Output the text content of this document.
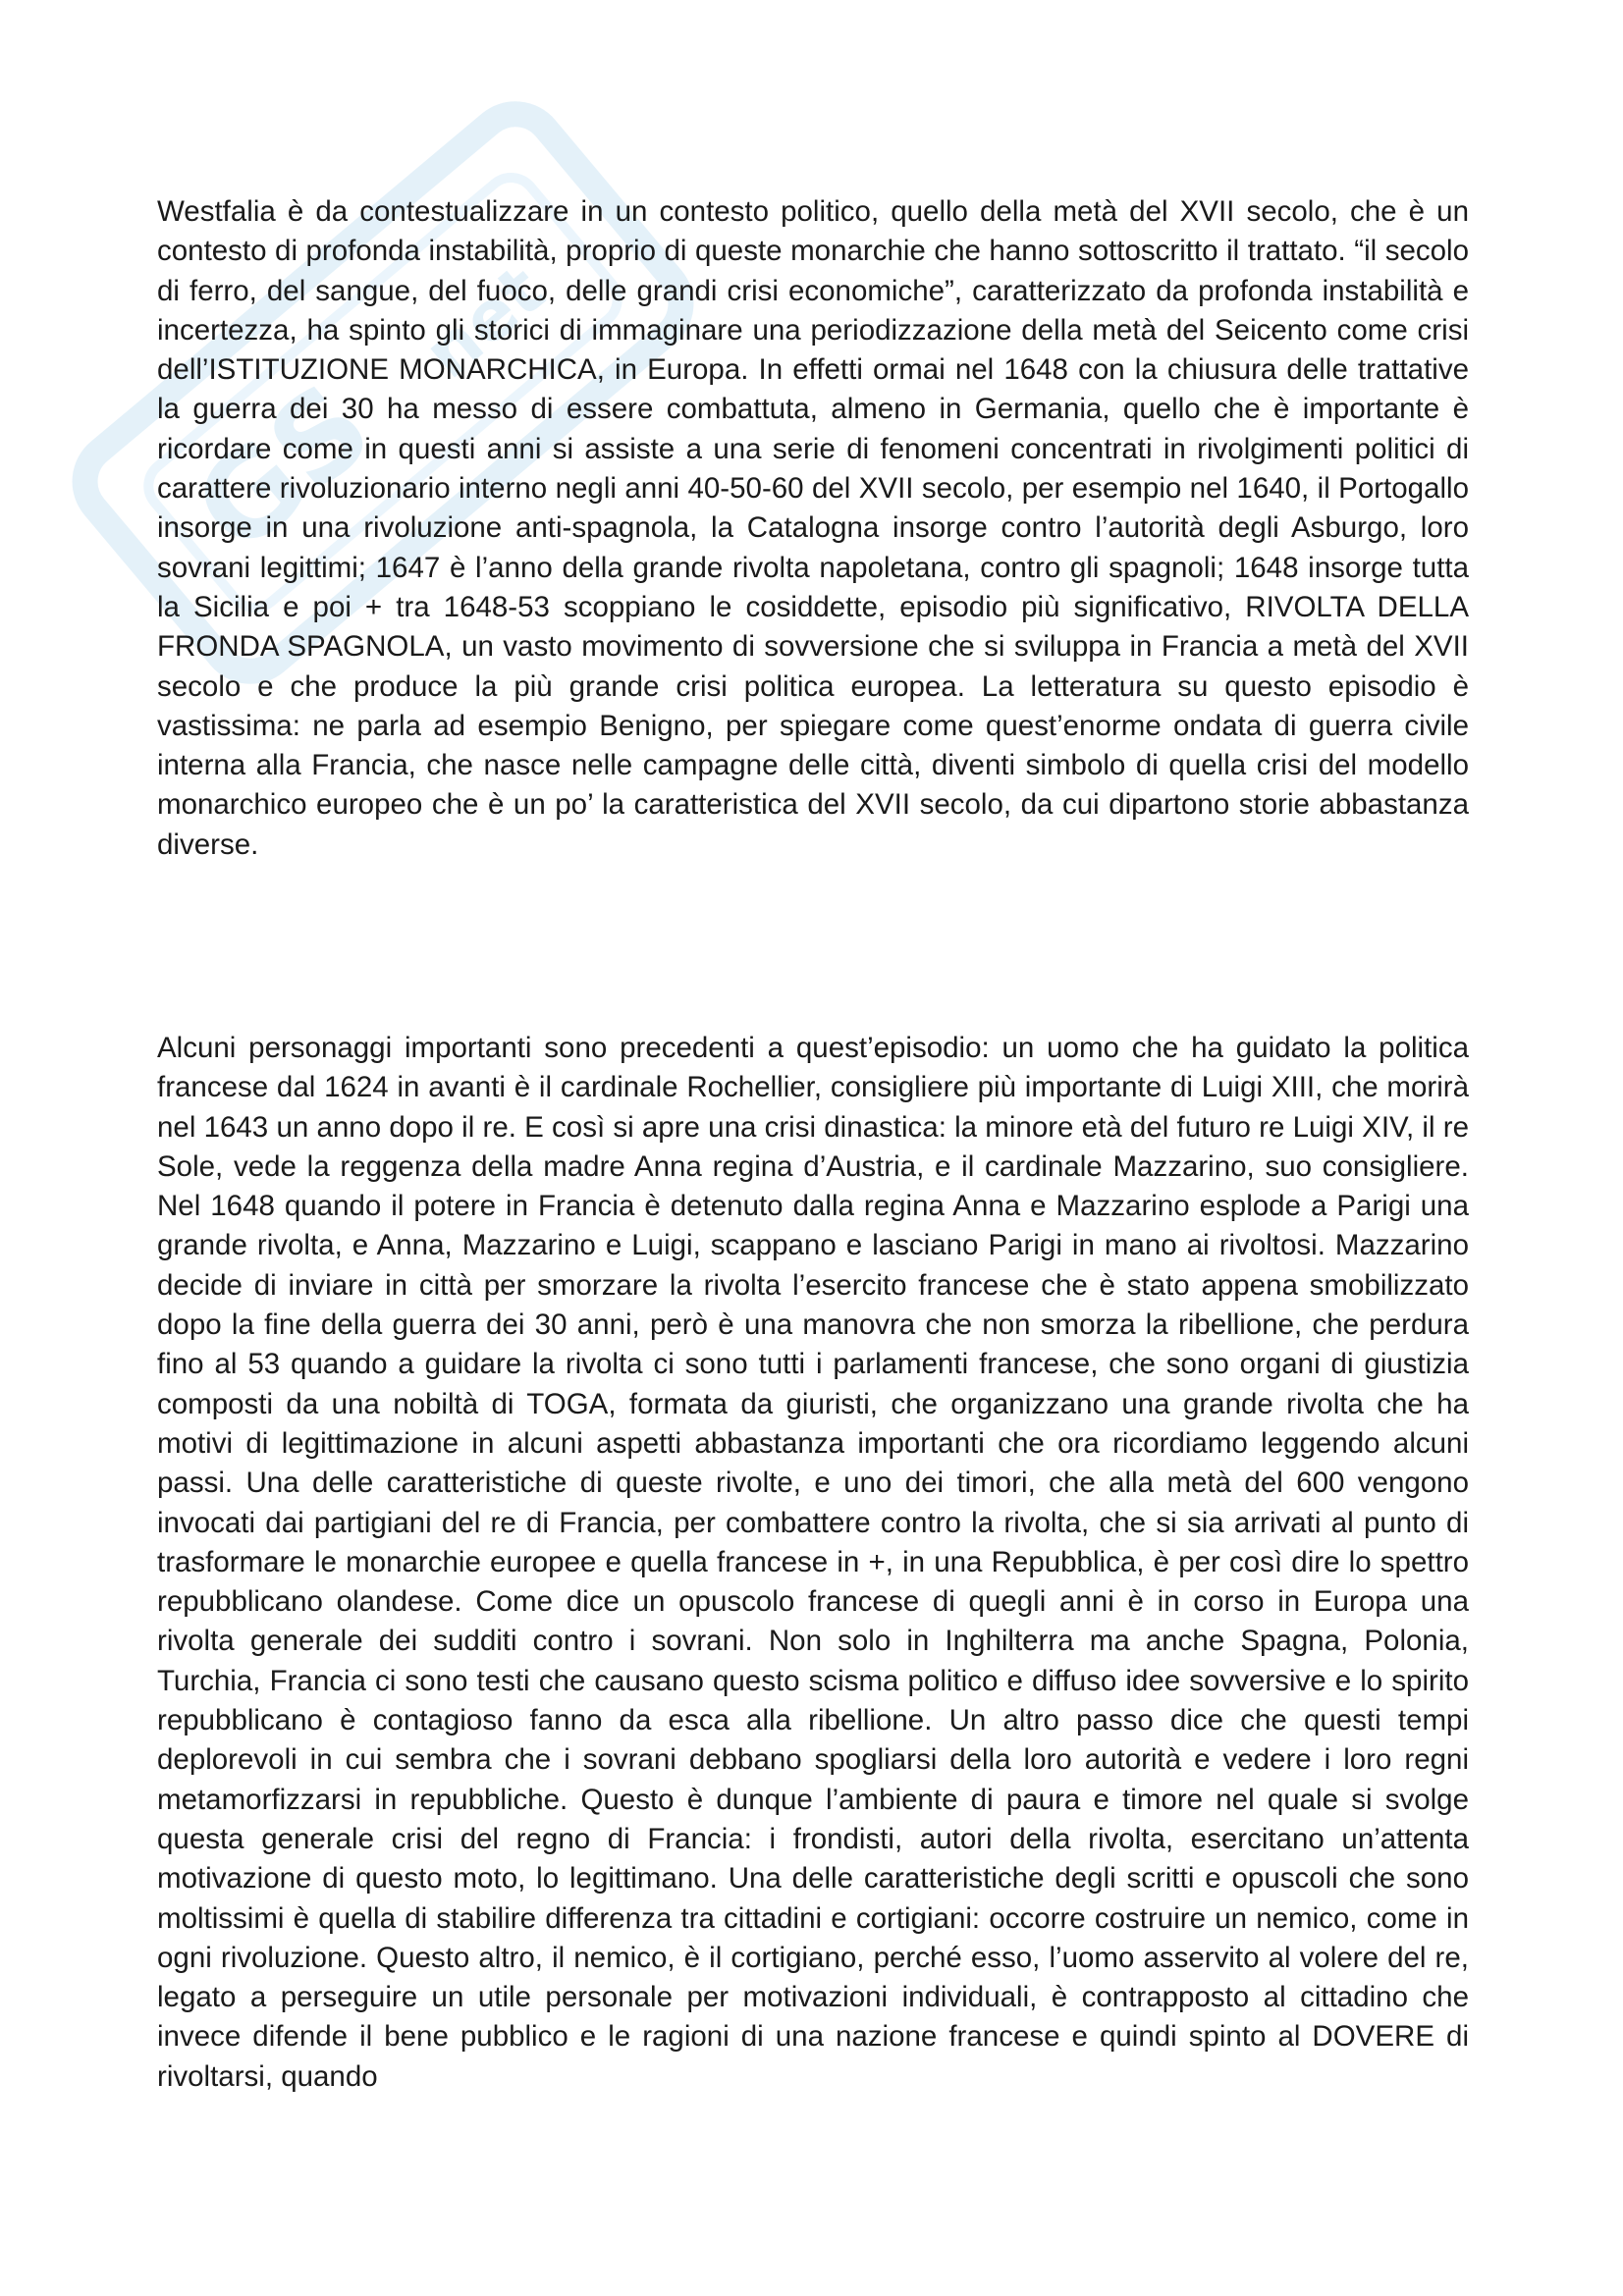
GS
net

Westfalia è da contestualizzare in un contesto politico, quello della metà del XVII secolo, che è un contesto di profonda instabilità, proprio di queste monarchie che hanno sottoscritto il trattato. “il secolo di ferro, del sangue, del fuoco, delle grandi crisi economiche”, caratterizzato da profonda instabilità e incertezza, ha spinto gli storici di immaginare una periodizzazione della metà del Seicento come crisi dell’ISTITUZIONE MONARCHICA, in Europa. In effetti ormai nel 1648 con la chiusura delle trattative la guerra dei 30 ha messo di essere combattuta, almeno in Germania, quello che è importante è ricordare come in questi anni si assiste a una serie di fenomeni concentrati in rivolgimenti politici di carattere rivoluzionario interno negli anni 40-50-60 del XVII secolo, per esempio nel 1640, il Portogallo insorge in una rivoluzione anti-spagnola, la Catalogna insorge contro l’autorità degli Asburgo, loro sovrani legittimi; 1647 è l’anno della grande rivolta napoletana, contro gli spagnoli; 1648 insorge tutta la Sicilia e poi + tra 1648-53 scoppiano le cosiddette, episodio più significativo, RIVOLTA DELLA FRONDA SPAGNOLA, un vasto movimento di sovversione che si sviluppa in Francia a metà del XVII secolo e che produce la più grande crisi politica europea. La letteratura su questo episodio è vastissima: ne parla ad esempio Benigno, per spiegare come quest’enorme ondata di guerra civile interna alla Francia, che nasce nelle campagne delle città, diventi simbolo di quella crisi del modello monarchico europeo che è un po’ la caratteristica del XVII secolo, da cui dipartono storie abbastanza diverse.

Alcuni personaggi importanti sono precedenti a quest’episodio: un uomo che ha guidato la politica francese dal 1624 in avanti è il cardinale Rochellier, consigliere più importante di Luigi XIII, che morirà nel 1643 un anno dopo il re. E così si apre una crisi dinastica: la minore età del futuro re Luigi XIV, il re Sole, vede la reggenza della madre Anna regina d’Austria, e il cardinale Mazzarino, suo consigliere. Nel 1648 quando il potere in Francia è detenuto dalla regina Anna e Mazzarino esplode a Parigi una grande rivolta, e Anna, Mazzarino e Luigi, scappano e lasciano Parigi in mano ai rivoltosi. Mazzarino decide di inviare in città per smorzare la rivolta l’esercito francese che è stato appena smobilizzato dopo la fine della guerra dei 30 anni, però è una manovra che non smorza la ribellione, che perdura fino al 53 quando a guidare la rivolta ci sono tutti i parlamenti francese, che sono organi di giustizia composti da una nobiltà di TOGA, formata da giuristi, che organizzano una grande rivolta che ha motivi di legittimazione in alcuni aspetti abbastanza importanti che ora ricordiamo leggendo alcuni passi. Una delle caratteristiche di queste rivolte, e uno dei timori, che alla metà del 600 vengono invocati dai partigiani del re di Francia, per combattere contro la rivolta, che si sia arrivati al punto di trasformare le monarchie europee e quella francese in +, in una Repubblica, è per così dire lo spettro repubblicano olandese. Come dice un opuscolo francese di quegli anni è in corso in Europa una rivolta generale dei sudditi contro i sovrani. Non solo in Inghilterra ma anche Spagna, Polonia, Turchia, Francia ci sono testi che causano questo scisma politico e diffuso idee sovversive e lo spirito repubblicano è contagioso fanno da esca alla ribellione. Un altro passo dice che questi tempi deplorevoli in cui sembra che i sovrani debbano spogliarsi della loro autorità e vedere i loro regni metamorfizzarsi in repubbliche. Questo è dunque l’ambiente di paura e timore nel quale si svolge questa generale crisi del regno di Francia: i frondisti, autori della rivolta, esercitano un’attenta motivazione di questo moto, lo legittimano. Una delle caratteristiche degli scritti e opuscoli che sono moltissimi è quella di stabilire differenza tra cittadini e cortigiani: occorre costruire un nemico, come in ogni rivoluzione. Questo altro, il nemico, è il cortigiano, perché esso, l’uomo asservito al volere del re, legato a perseguire un utile personale per motivazioni individuali, è contrapposto al cittadino che invece difende il bene pubblico e le ragioni di una nazione francese e quindi spinto al DOVERE di rivoltarsi, quando
